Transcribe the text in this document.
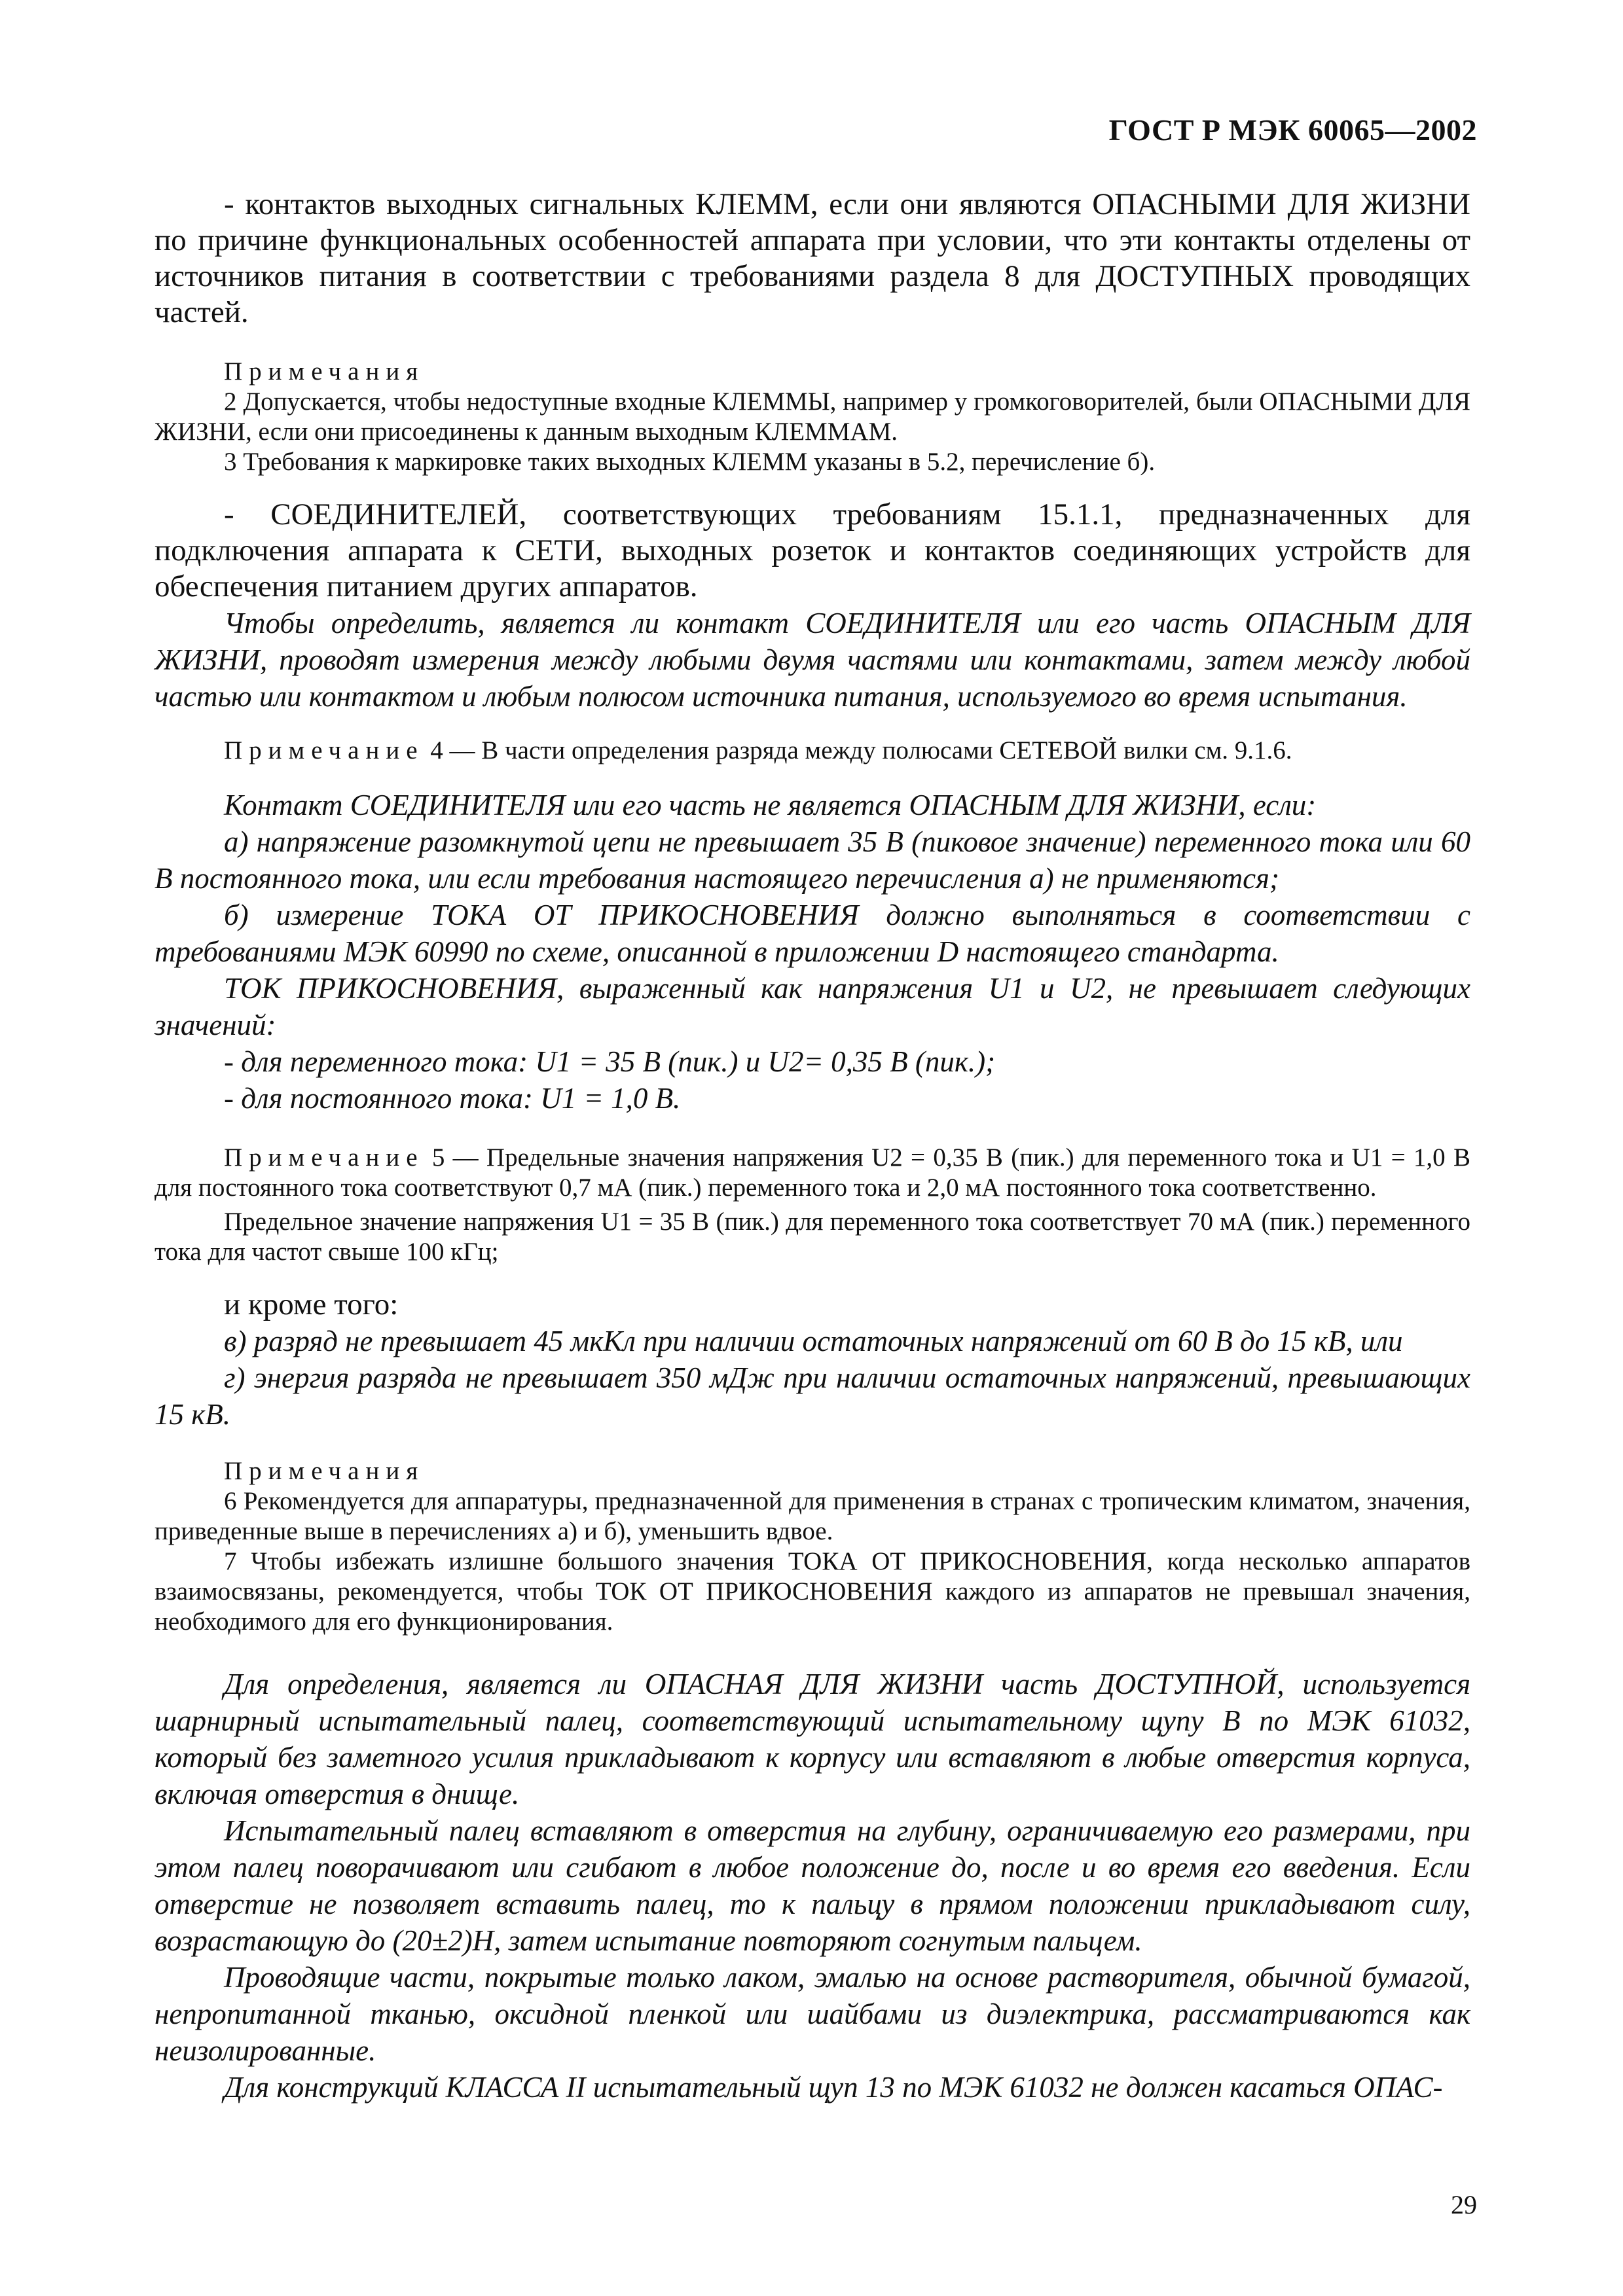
ГОСТ Р МЭК 60065—2002

- контактов выходных сигнальных КЛЕММ, если они являются ОПАСНЫМИ ДЛЯ ЖИЗНИ по причине функциональных особенностей аппарата при условии, что эти контакты отделены от источников питания в соответствии с требованиями раздела 8 для ДОСТУПНЫХ проводящих частей.

Примечания

2 Допускается, чтобы недоступные входные КЛЕММЫ, например у громкоговорителей, были ОПАСНЫМИ ДЛЯ ЖИЗНИ, если они присоединены к данным выходным КЛЕММАМ.

3 Требования к маркировке таких выходных КЛЕММ указаны в 5.2, перечисление б).

- СОЕДИНИТЕЛЕЙ, соответствующих требованиям 15.1.1, предназначенных для подключения аппарата к СЕТИ, выходных розеток и контактов соединяющих устройств для обеспечения питанием других аппаратов.

Чтобы определить, является ли контакт СОЕДИНИТЕЛЯ или его часть ОПАСНЫМ ДЛЯ ЖИЗНИ, проводят измерения между любыми двумя частями или контактами, затем между любой частью или контактом и любым полюсом источника питания, используемого во время испытания.

Примечание 4 — В части определения разряда между полюсами СЕТЕВОЙ вилки см. 9.1.6.

Контакт СОЕДИНИТЕЛЯ или его часть не является ОПАСНЫМ ДЛЯ ЖИЗНИ, если:

а) напряжение разомкнутой цепи не превышает 35 В (пиковое значение) переменного тока или 60 В постоянного тока, или если требования настоящего перечисления а) не применяются;

б) измерение ТОКА ОТ ПРИКОСНОВЕНИЯ должно выполняться в соответствии с требованиями МЭК 60990 по схеме, описанной в приложении D настоящего стандарта.

ТОК ПРИКОСНОВЕНИЯ, выраженный как напряжения U1 и U2, не превышает следующих значений:

- для переменного тока: U1 = 35 В (пик.) и U2= 0,35 В (пик.);

- для постоянного тока: U1 = 1,0 В.

Примечание 5 — Предельные значения напряжения U2 = 0,35 В (пик.) для переменного тока и U1 = 1,0 В для постоянного тока соответствуют 0,7 мА (пик.) переменного тока и 2,0 мА постоянного тока соответственно.

Предельное значение напряжения U1 = 35 В (пик.) для переменного тока соответствует 70 мА (пик.) переменного тока для частот свыше 100 кГц;

и кроме того:

в) разряд не превышает 45 мкКл при наличии остаточных напряжений от 60 В до 15 кВ, или

г) энергия разряда не превышает 350 мДж при наличии остаточных напряжений, превышающих 15 кВ.

Примечания

6 Рекомендуется для аппаратуры, предназначенной для применения в странах с тропическим климатом, значения, приведенные выше в перечислениях а) и б), уменьшить вдвое.

7 Чтобы избежать излишне большого значения ТОКА ОТ ПРИКОСНОВЕНИЯ, когда несколько аппаратов взаимосвязаны, рекомендуется, чтобы ТОК ОТ ПРИКОСНОВЕНИЯ каждого из аппаратов не превышал значения, необходимого для его функционирования.

Для определения, является ли ОПАСНАЯ ДЛЯ ЖИЗНИ часть ДОСТУПНОЙ, используется шарнирный испытательный палец, соответствующий испытательному щупу В по МЭК 61032, который без заметного усилия прикладывают к корпусу или вставляют в любые отверстия корпуса, включая отверстия в днище.

Испытательный палец вставляют в отверстия на глубину, ограничиваемую его размерами, при этом палец поворачивают или сгибают в любое положение до, после и во время его введения. Если отверстие не позволяет вставить палец, то к пальцу в прямом положении прикладывают силу, возрастающую до (20±2)Н, затем испытание повторяют согнутым пальцем.

Проводящие части, покрытые только лаком, эмалью на основе растворителя, обычной бумагой, непропитанной тканью, оксидной пленкой или шайбами из диэлектрика, рассматриваются как неизолированные.

Для конструкций КЛАССА II испытательный щуп 13 по МЭК 61032 не должен касаться ОПАС-

29
